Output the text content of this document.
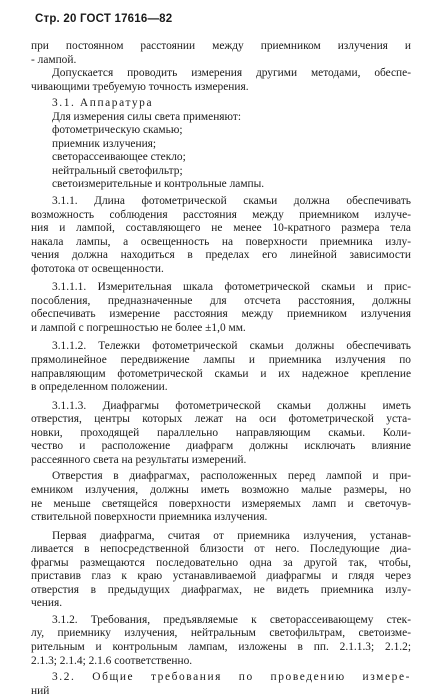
Стр. 20 ГОСТ 17616—82
при постоянном расстоянии между приемником излучения и
- лампой.
Допускается проводить измерения другими методами, обеспе-
чивающими требуемую точность измерения.
3.1. Аппаратура
Для измерения силы света применяют:
фотометрическую скамью;
приемник излучения;
светорассеивающее стекло;
нейтральный светофильтр;
светоизмерительные и контрольные лампы.
3.1.1. Длина фотометрической скамьи должна обеспечивать
возможность соблюдения расстояния между приемником излуче-
ния и лампой, составляющего не менее 10-кратного размера тела
накала лампы, а освещенность на поверхности приемника излу-
чения должна находиться в пределах его линейной зависимости
фототока от освещенности.
3.1.1.1. Измерительная шкала фотометрической скамьи и прис-
пособления, предназначенные для отсчета расстояния, должны
обеспечивать измерение расстояния между приемником излучения
и лампой с погрешностью не более ±1,0 мм.
3.1.1.2. Тележки фотометрической скамьи должны обеспечивать
прямолинейное передвижение лампы и приемника излучения по
направляющим фотометрической скамьи и их надежное крепление
в определенном положении.
3.1.1.3. Диафрагмы фотометрической скамьи должны иметь
отверстия, центры которых лежат на оси фотометрической уста-
новки, проходящей параллельно направляющим скамьи. Коли-
чество и расположение диафрагм должны исключать влияние
рассеянного света на результаты измерений.
Отверстия в диафрагмах, расположенных перед лампой и при-
емником излучения, должны иметь возможно малые размеры, но
не меньше светящейся поверхности измеряемых ламп и светочув-
ствительной поверхности приемника излучения.
Первая диафрагма, считая от приемника излучения, устанав-
ливается в непосредственной близости от него. Последующие диа-
фрагмы размещаются последовательно одна за другой так, чтобы,
приставив глаз к краю устанавливаемой диафрагмы и глядя через
отверстия в предыдущих диафрагмах, не видеть приемника излу-
чения.
3.1.2. Требования, предъявляемые к светорассеивающему стек-
лу, приемнику излучения, нейтральным светофильтрам, светоизме-
рительным и контрольным лампам, изложены в пп. 2.1.1.3; 2.1.2;
2.1.3; 2.1.4; 2.1.6 соответственно.
3.2. Общие требования по проведению измере-
ний
